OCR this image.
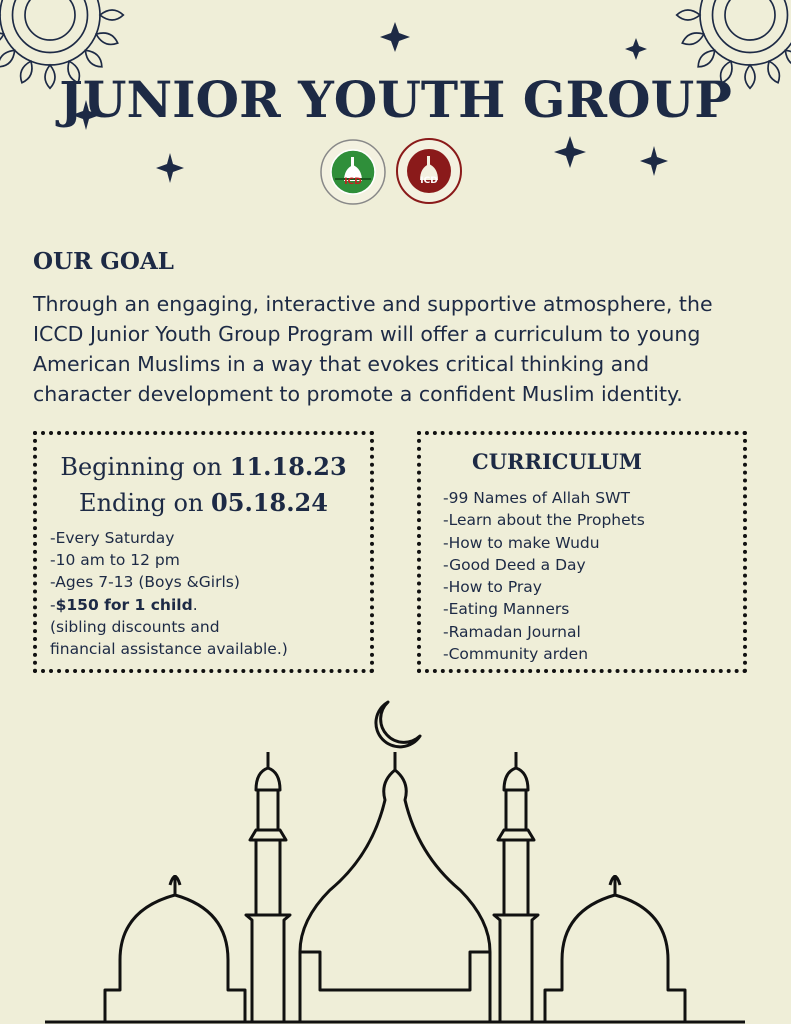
JUNIOR YOUTH GROUP
ICD	ICD
OUR GOAL

Through an engaging, interactive and supportive atmosphere, the ICCD Junior Youth Group Program will offer a curriculum to young American Muslims in a way that evokes critical thinking and character development to promote a confident Muslim identity.

Beginning on 11.18.23
Ending on 05.18.24
-Every Saturday
-10 am to 12 pm
-Ages 7-13 (Boys &Girls)
-$150 for 1 child.
(sibling discounts and
financial assistance available.)
CURRICULUM
-99 Names of Allah SWT
-Learn about the Prophets
-How to make Wudu
-Good Deed a Day
-How to Pray
-Eating Manners
-Ramadan Journal
-Community arden
